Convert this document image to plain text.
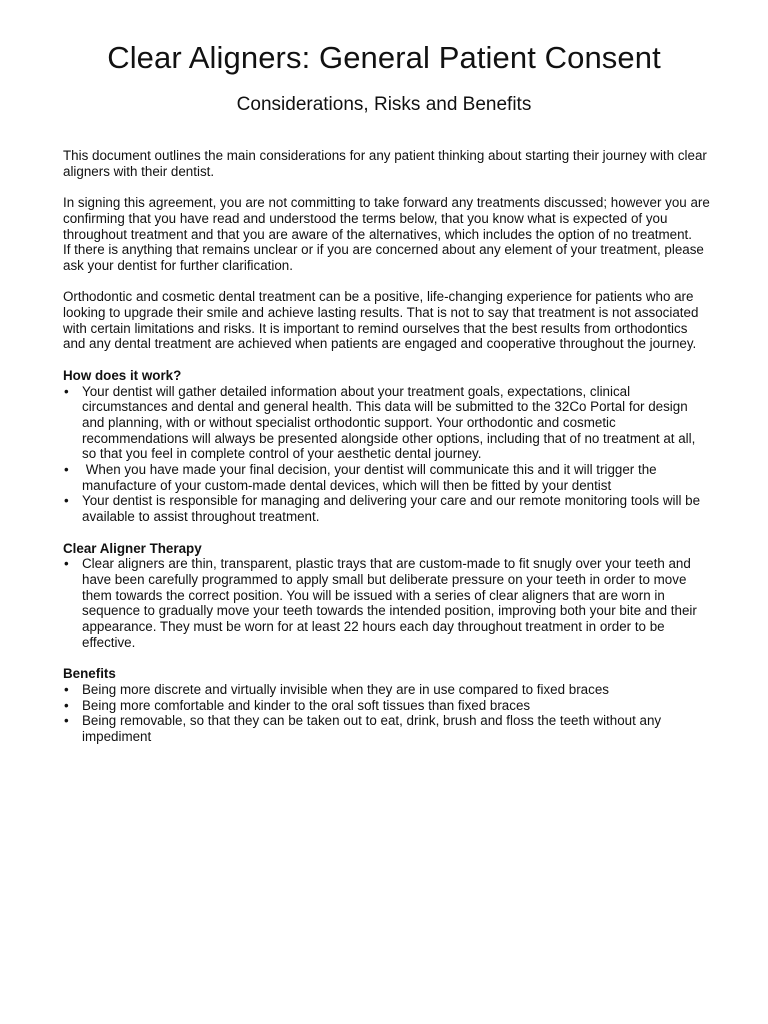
Clear Aligners: General Patient Consent
Considerations, Risks and Benefits

This document outlines the main considerations for any patient thinking about starting their journey with clear aligners with their dentist.

In signing this agreement, you are not committing to take forward any treatments discussed; however you are confirming that you have read and understood the terms below, that you know what is expected of you throughout treatment and that you are aware of the alternatives, which includes the option of no treatment.

If there is anything that remains unclear or if you are concerned about any element of your treatment, please ask your dentist for further clarification.

Orthodontic and cosmetic dental treatment can be a positive, life-changing experience for patients who are looking to upgrade their smile and achieve lasting results. That is not to say that treatment is not associated with certain limitations and risks. It is important to remind ourselves that the best results from orthodontics and any dental treatment are achieved when patients are engaged and cooperative throughout the journey.

How does it work?

• Your dentist will gather detailed information about your treatment goals, expectations, clinical circumstances and dental and general health. This data will be submitted to the 32Co Portal for design and planning, with or without specialist orthodontic support. Your orthodontic and cosmetic recommendations will always be presented alongside other options, including that of no treatment at all, so that you feel in complete control of your aesthetic dental journey.
• When you have made your final decision, your dentist will communicate this and it will trigger the manufacture of your custom-made dental devices, which will then be fitted by your dentist
• Your dentist is responsible for managing and delivering your care and our remote monitoring tools will be available to assist throughout treatment.

Clear Aligner Therapy

• Clear aligners are thin, transparent, plastic trays that are custom-made to fit snugly over your teeth and have been carefully programmed to apply small but deliberate pressure on your teeth in order to move them towards the correct position. You will be issued with a series of clear aligners that are worn in sequence to gradually move your teeth towards the intended position, improving both your bite and their appearance. They must be worn for at least 22 hours each day throughout treatment in order to be effective.

Benefits

• Being more discrete and virtually invisible when they are in use compared to fixed braces
• Being more comfortable and kinder to the oral soft tissues than fixed braces
• Being removable, so that they can be taken out to eat, drink, brush and floss the teeth without any impediment
